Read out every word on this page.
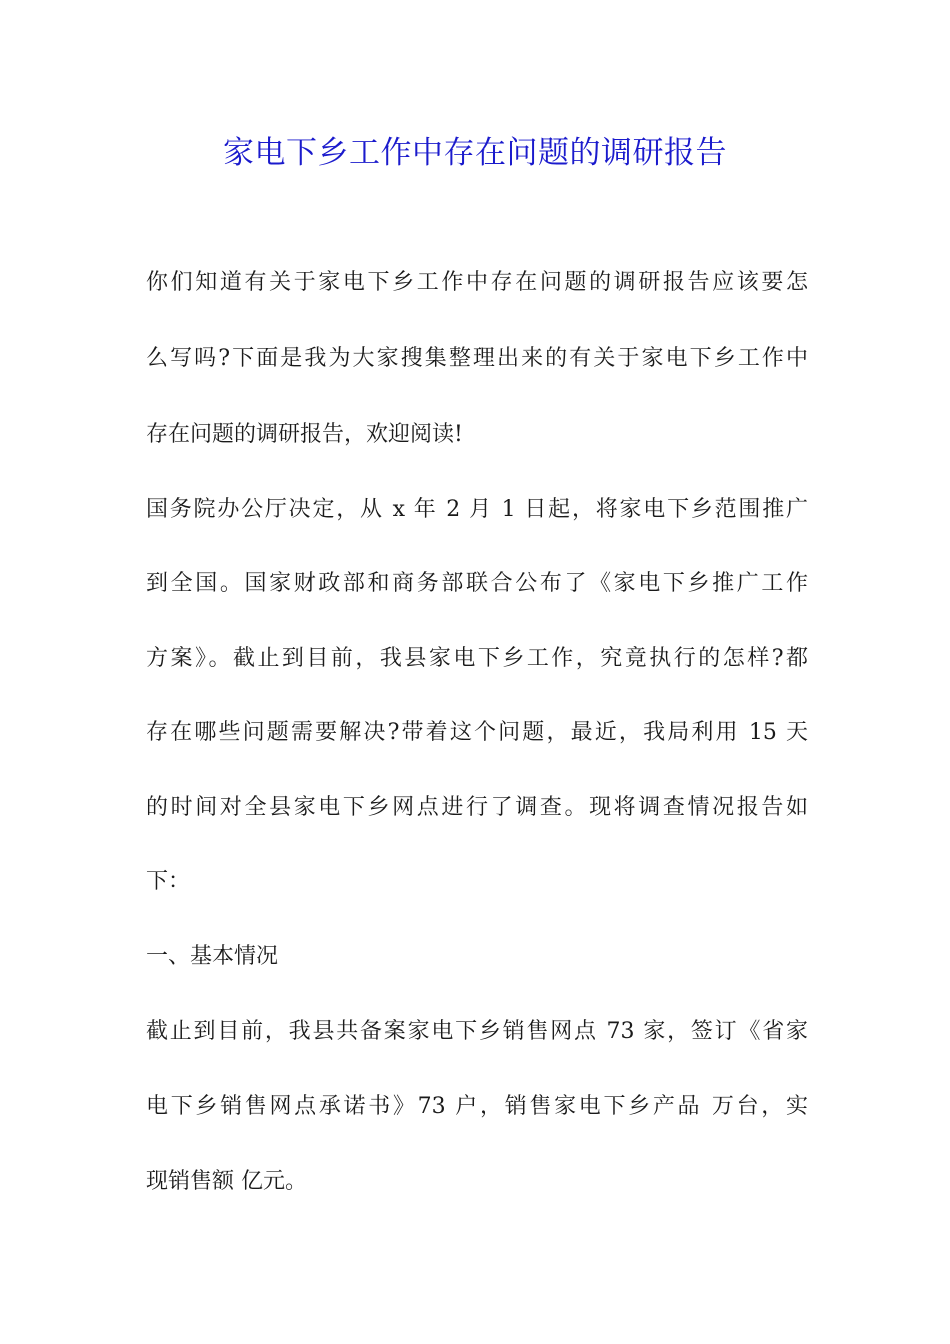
家电下乡工作中存在问题的调研报告

你们知道有关于家电下乡工作中存在问题的调研报告应该要怎

么写吗?下面是我为大家搜集整理出来的有关于家电下乡工作中

存在问题的调研报告，欢迎阅读!

国务院办公厅决定，从 x 年 2 月 1 日起，将家电下乡范围推广

到全国。国家财政部和商务部联合公布了《家电下乡推广工作

方案》。截止到目前，我县家电下乡工作，究竟执行的怎样?都

存在哪些问题需要解决?带着这个问题，最近，我局利用 15 天

的时间对全县家电下乡网点进行了调查。现将调查情况报告如

下：

一、基本情况

截止到目前，我县共备案家电下乡销售网点 73 家，签订《省家

电下乡销售网点承诺书》73 户，销售家电下乡产品 万台，实

现销售额 亿元。
